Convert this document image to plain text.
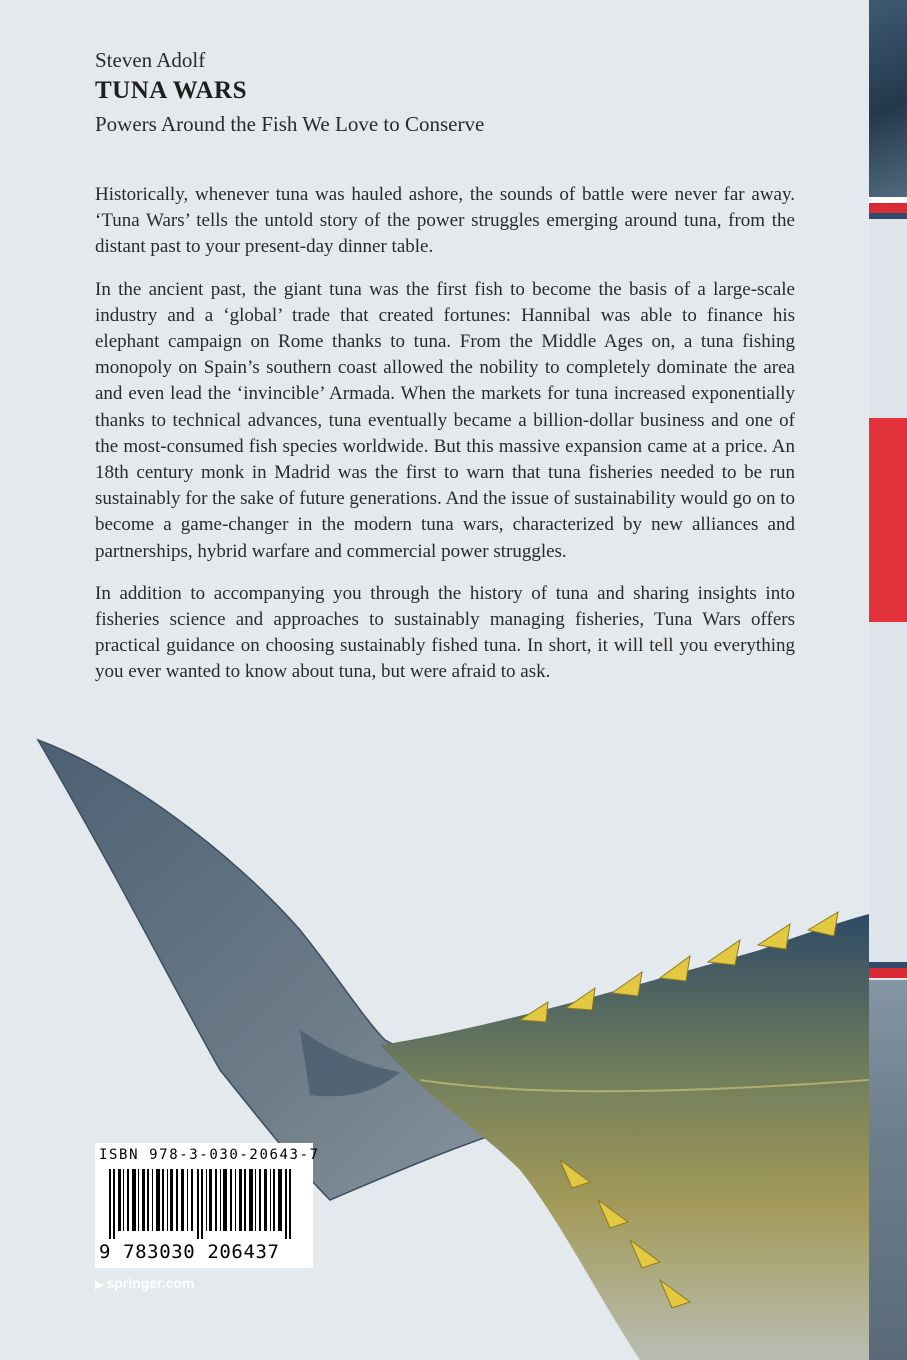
Steven Adolf
TUNA WARS
Powers Around the Fish We Love to Conserve

Historically, whenever tuna was hauled ashore, the sounds of battle were never far away. ‘Tuna Wars’ tells the untold story of the power struggles emerging around tuna, from the distant past to your present-day dinner table.

In the ancient past, the giant tuna was the first fish to become the basis of a large-scale industry and a ‘global’ trade that created fortunes: Hannibal was able to finance his elephant campaign on Rome thanks to tuna. From the Middle Ages on, a tuna fishing monopoly on Spain’s southern coast allowed the nobility to completely dominate the area and even lead the ‘invincible’ Armada. When the markets for tuna increased exponentially thanks to technical advances, tuna eventually became a billion-dollar business and one of the most-consumed fish species worldwide. But this massive expansion came at a price. An 18th century monk in Madrid was the first to warn that tuna fisheries needed to be run sustainably for the sake of future generations. And the issue of sustainability would go on to become a game-changer in the modern tuna wars, characterized by new alliances and partnerships, hybrid warfare and commercial power struggles.

In addition to accompanying you through the history of tuna and sharing insights into fisheries science and approaches to sustainably managing fisheries, Tuna Wars offers practical guidance on choosing sustainably fished tuna. In short, it will tell you everything you ever wanted to know about tuna, but were afraid to ask.

ISBN 978-3-030-20643-7
9 783030 206437
▶ springer.com
